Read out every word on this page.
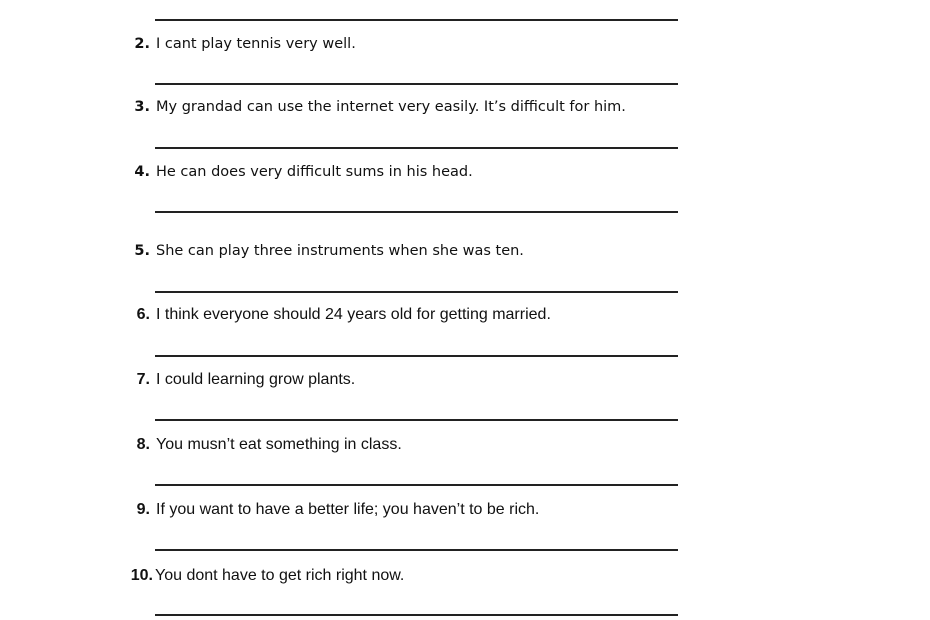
2. I cant play tennis very well.
3. My grandad can use the internet very easily. It’s difficult for him.
4. He can does very difficult sums in his head.
5. She can play three instruments when she was ten.
6. I think everyone should 24 years old for getting married.
7. I could learning grow plants.
8. You musn’t eat something in class.
9. If you want to have a better life; you haven’t to be rich.
10. You dont have to get rich right now.
